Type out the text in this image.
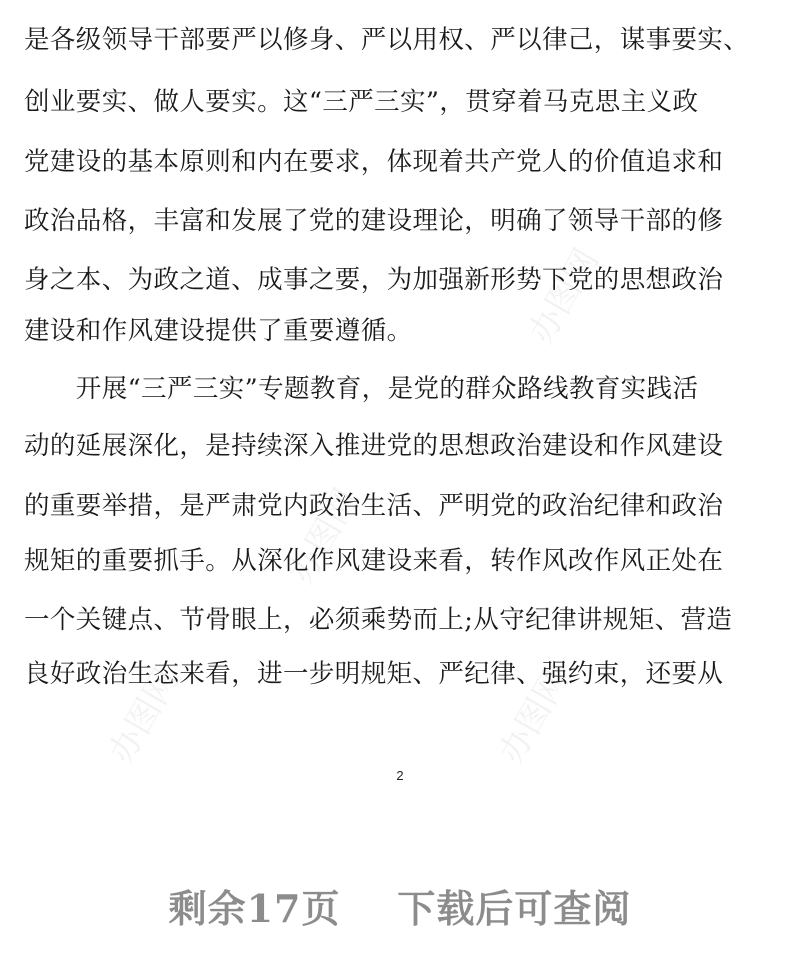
办图网
办图网
办图网	办图网
是各级领导干部要严以修身、严以用权、严以律己，谋事要实、
创业要实、做人要实。这“三严三实”，贯穿着马克思主义政
党建设的基本原则和内在要求，体现着共产党人的价值追求和
政治品格，丰富和发展了党的建设理论，明确了领导干部的修
身之本、为政之道、成事之要，为加强新形势下党的思想政治
建设和作风建设提供了重要遵循。
　　开展“三严三实”专题教育，是党的群众路线教育实践活
动的延展深化，是持续深入推进党的思想政治建设和作风建设
的重要举措，是严肃党内政治生活、严明党的政治纪律和政治
规矩的重要抓手。从深化作风建设来看，转作风改作风正处在
一个关键点、节骨眼上，必须乘势而上;从守纪律讲规矩、营造
良好政治生态来看，进一步明规矩、严纪律、强约束，还要从
2
剩余17页    下载后可查阅
